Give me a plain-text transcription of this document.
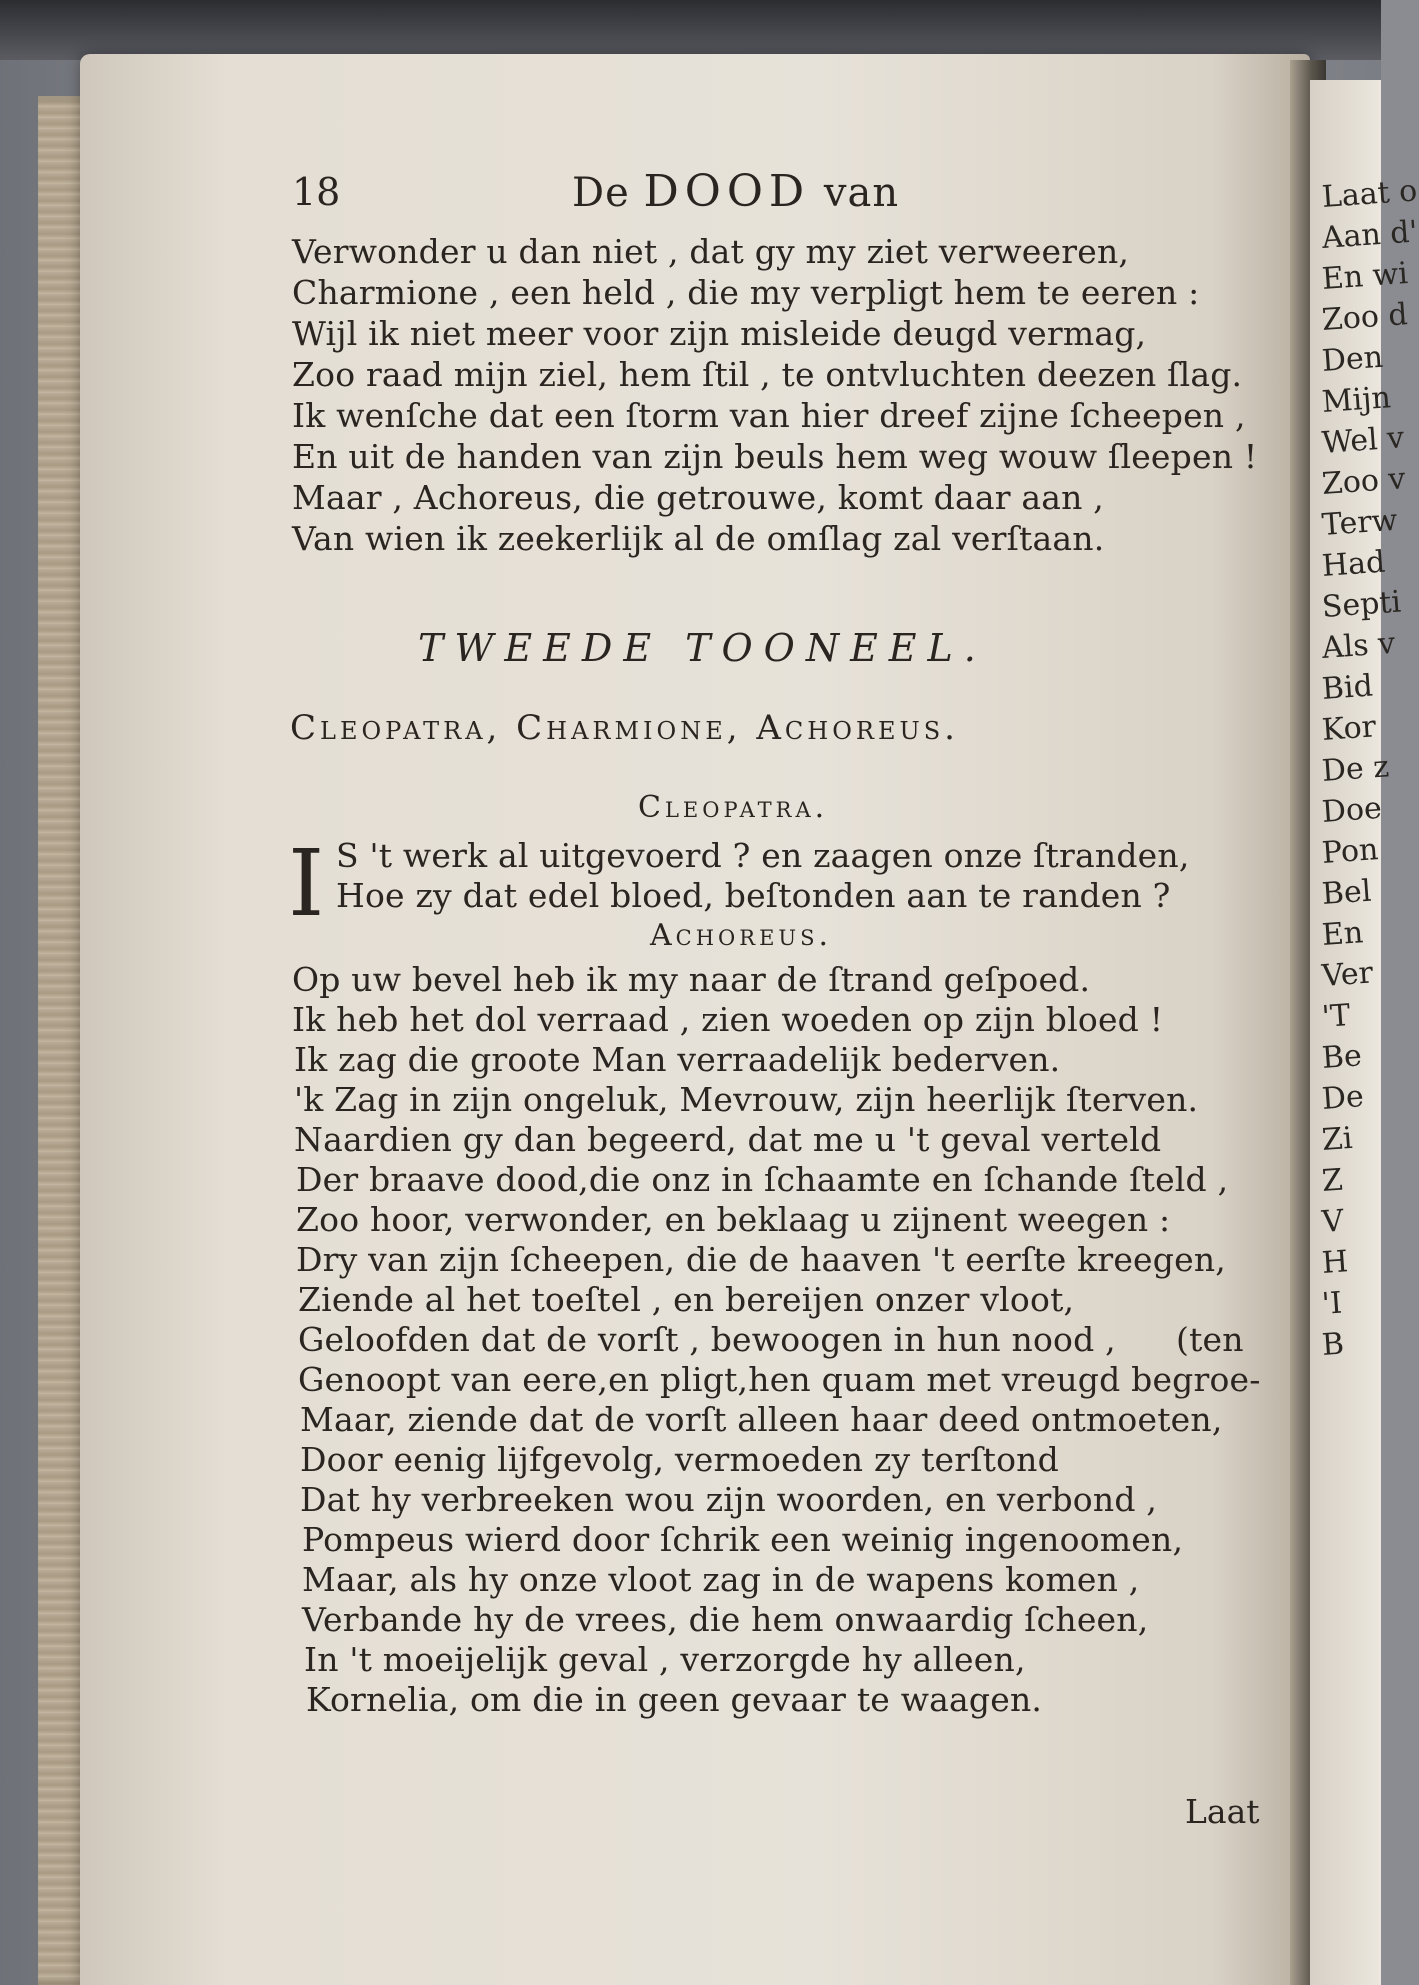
Laat o
Aan d'
En wi
Zoo d
Den
Mijn
Wel v
Zoo v
Terw
Had
Septi
Als v
Bid
Kor
De z
Doe
Pon
Bel
En
Ver
'T
Be
De
Zi
Z
V
H
'I
B
18	De DOOD van
Verwonder u dan niet , dat gy my ziet verweeren,
Charmione , een held , die my verpligt hem te eeren :
Wijl ik niet meer voor zijn misleide deugd vermag,
Zoo raad mijn ziel, hem ſtil , te ontvluchten deezen ſlag.
Ik wenſche dat een ſtorm van hier dreef zijne ſcheepen ,
En uit de handen van zijn beuls hem weg wouw ſleepen !
Maar , Achoreus, die getrouwe, komt daar aan ,
Van wien ik zeekerlijk al de omſlag zal verſtaan.
TWEEDE TOONEEL.
Cleopatra, Charmione, Achoreus.
Cleopatra.
I S 't werk al uitgevoerd ? en zaagen onze ſtranden,
Hoe zy dat edel bloed, beſtonden aan te randen ?
Achoreus.
Op uw bevel heb ik my naar de ſtrand geſpoed.
Ik heb het dol verraad , zien woeden op zijn bloed !
Ik zag die groote Man verraadelijk bederven.
'k Zag in zijn ongeluk, Mevrouw, zijn heerlijk ſterven.
Naardien gy dan begeerd, dat me u 't geval verteld
Der braave dood,die onz in ſchaamte en ſchande ſteld ,
Zoo hoor, verwonder, en beklaag u zijnent weegen :
Dry van zijn ſcheepen, die de haaven 't eerſte kreegen,
Ziende al het toeſtel , en bereijen onzer vloot,
Geloofden dat de vorſt , bewoogen in hun nood , (ten
Genoopt van eere,en pligt,hen quam met vreugd begroe-
Maar, ziende dat de vorſt alleen haar deed ontmoeten,
Door eenig lijfgevolg, vermoeden zy terſtond
Dat hy verbreeken wou zijn woorden, en verbond ,
Pompeus wierd door ſchrik een weinig ingenoomen,
Maar, als hy onze vloot zag in de wapens komen ,
Verbande hy de vrees, die hem onwaardig ſcheen,
In 't moeijelijk geval , verzorgde hy alleen,
Kornelia, om die in geen gevaar te waagen.
Laat
